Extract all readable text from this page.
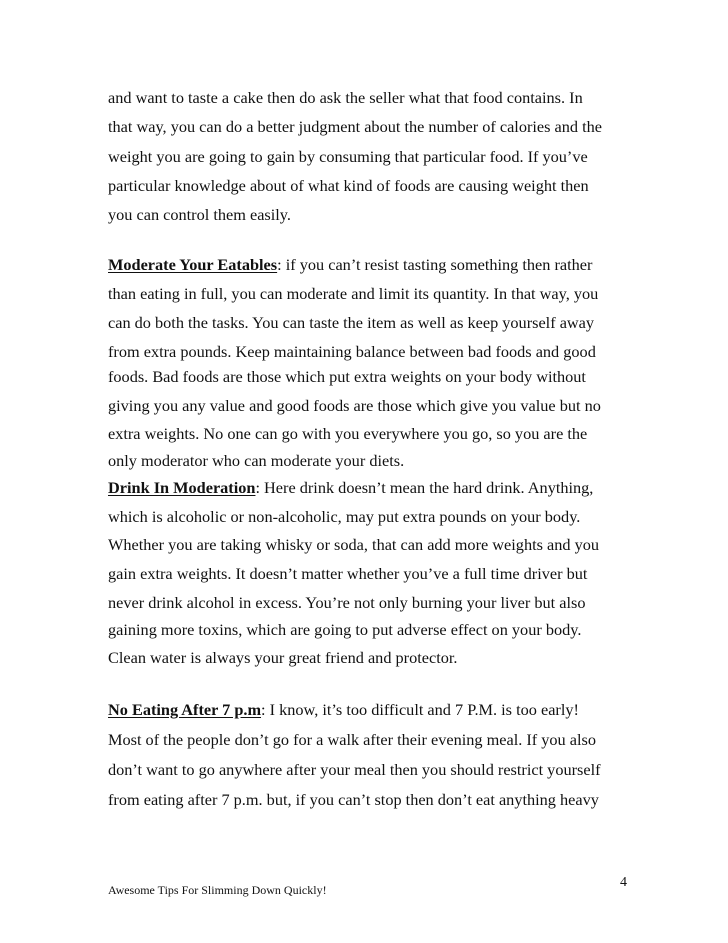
and want to taste a cake then do ask the seller what that food contains. In
that way, you can do a better judgment about the number of calories and the
weight you are going to gain by consuming that particular food. If you’ve
particular knowledge about of what kind of foods are causing weight then
you can control them easily.
Moderate Your Eatables: if you can’t resist tasting something then rather
than eating in full, you can moderate and limit its quantity. In that way, you
can do both the tasks. You can taste the item as well as keep yourself away
from extra pounds. Keep maintaining balance between bad foods and good
foods. Bad foods are those which put extra weights on your body without
giving you any value and good foods are those which give you value but no
extra weights. No one can go with you everywhere you go, so you are the
only moderator who can moderate your diets.
Drink In Moderation: Here drink doesn’t mean the hard drink. Anything,
which is alcoholic or non-alcoholic, may put extra pounds on your body.
Whether you are taking whisky or soda, that can add more weights and you
gain extra weights. It doesn’t matter whether you’ve a full time driver but
never drink alcohol in excess. You’re not only burning your liver but also
gaining more toxins, which are going to put adverse effect on your body.
Clean water is always your great friend and protector.
No Eating After 7 p.m: I know, it’s too difficult and 7 P.M. is too early!
Most of the people don’t go for a walk after their evening meal. If you also
don’t want to go anywhere after your meal then you should restrict yourself
from eating after 7 p.m. but, if you can’t stop then don’t eat anything heavy
Awesome Tips For Slimming Down Quickly!	4
